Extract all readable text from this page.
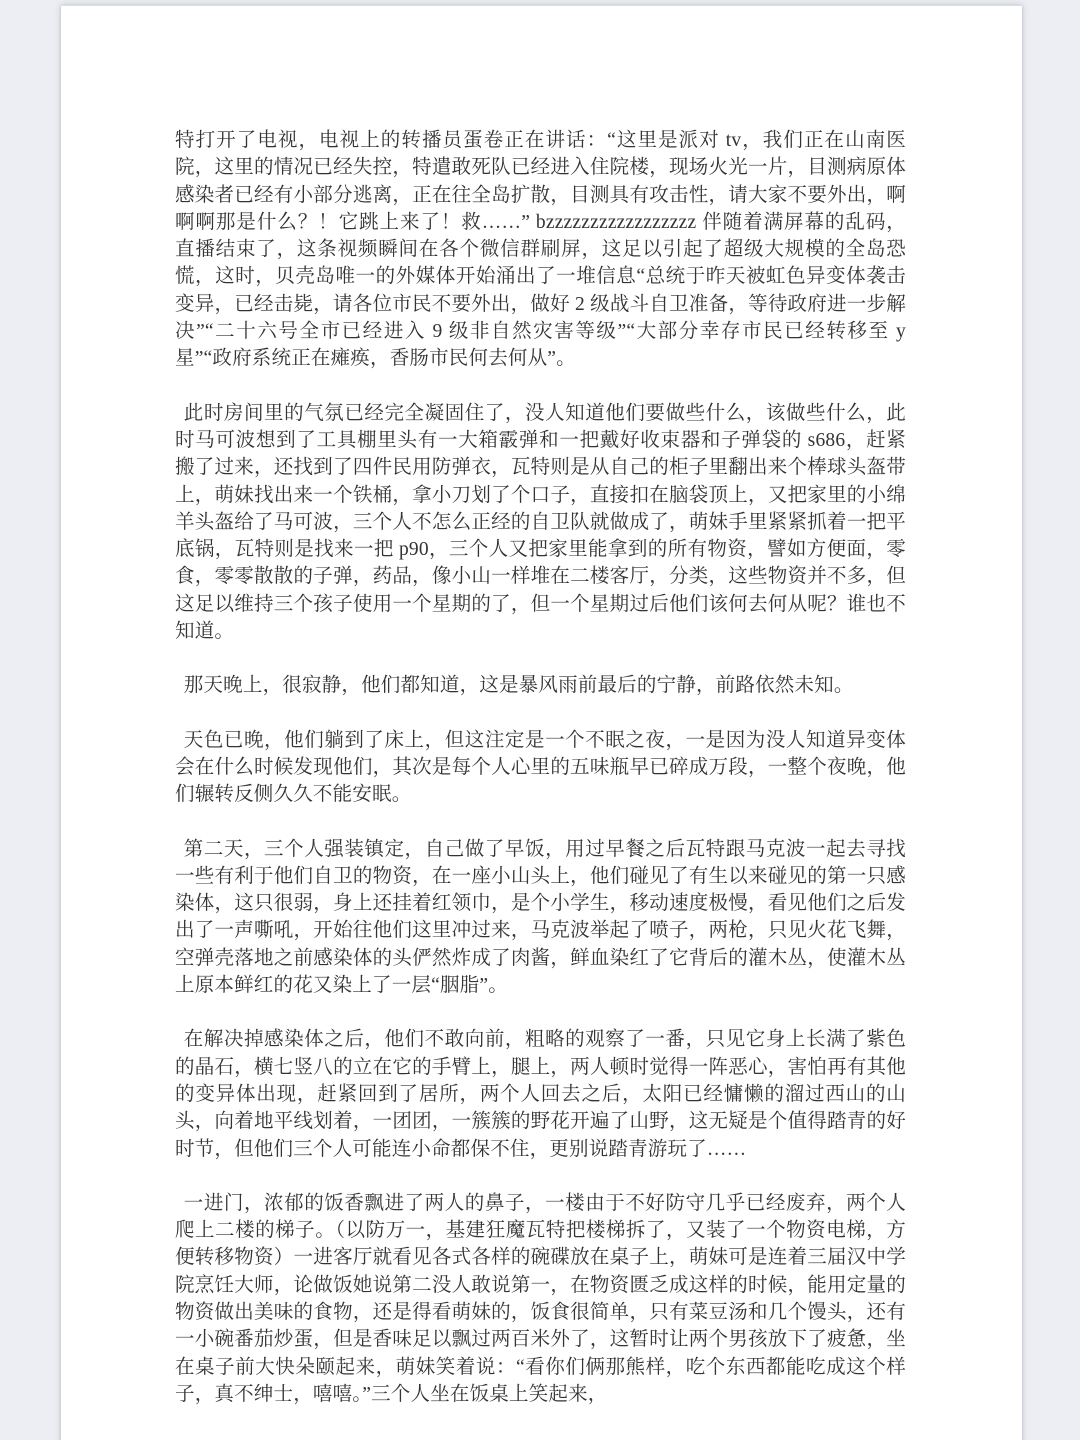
特打开了电视，电视上的转播员蛋卷正在讲话：“这里是派对 tv，我们正在山南医院，这里的情况已经失控，特遣敢死队已经进入住院楼，现场火光一片，目测病原体感染者已经有小部分逃离，正在往全岛扩散，目测具有攻击性，请大家不要外出，啊啊啊那是什么？！它跳上来了！救……” bzzzzzzzzzzzzzzzzz 伴随着满屏幕的乱码，直播结束了，这条视频瞬间在各个微信群刷屏，这足以引起了超级大规模的全岛恐慌，这时，贝壳岛唯一的外媒体开始涌出了一堆信息“总统于昨天被虹色异变体袭击变异，已经击毙，请各位市民不要外出，做好 2 级战斗自卫准备，等待政府进一步解决”“二十六号全市已经进入 9 级非自然灾害等级”“大部分幸存市民已经转移至 y 星”“政府系统正在瘫痪，香肠市民何去何从”。

此时房间里的气氛已经完全凝固住了，没人知道他们要做些什么，该做些什么，此时马可波想到了工具棚里头有一大箱霰弹和一把戴好收束器和子弹袋的 s686，赶紧搬了过来，还找到了四件民用防弹衣，瓦特则是从自己的柜子里翻出来个棒球头盔带上，萌妹找出来一个铁桶，拿小刀划了个口子，直接扣在脑袋顶上，又把家里的小绵羊头盔给了马可波，三个人不怎么正经的自卫队就做成了，萌妹手里紧紧抓着一把平底锅，瓦特则是找来一把 p90，三个人又把家里能拿到的所有物资，譬如方便面，零食，零零散散的子弹，药品，像小山一样堆在二楼客厅，分类，这些物资并不多，但这足以维持三个孩子使用一个星期的了，但一个星期过后他们该何去何从呢？谁也不知道。

那天晚上，很寂静，他们都知道，这是暴风雨前最后的宁静，前路依然未知。

天色已晚，他们躺到了床上，但这注定是一个不眠之夜，一是因为没人知道异变体会在什么时候发现他们，其次是每个人心里的五味瓶早已碎成万段，一整个夜晚，他们辗转反侧久久不能安眠。

第二天，三个人强装镇定，自己做了早饭，用过早餐之后瓦特跟马克波一起去寻找一些有利于他们自卫的物资，在一座小山头上，他们碰见了有生以来碰见的第一只感染体，这只很弱，身上还挂着红领巾，是个小学生，移动速度极慢，看见他们之后发出了一声嘶吼，开始往他们这里冲过来，马克波举起了喷子，两枪，只见火花飞舞，空弹壳落地之前感染体的头俨然炸成了肉酱，鲜血染红了它背后的灌木丛，使灌木丛上原本鲜红的花又染上了一层“胭脂”。

在解决掉感染体之后，他们不敢向前，粗略的观察了一番，只见它身上长满了紫色的晶石，横七竖八的立在它的手臂上，腿上，两人顿时觉得一阵恶心，害怕再有其他的变异体出现，赶紧回到了居所，两个人回去之后，太阳已经慵懒的溜过西山的山头，向着地平线划着，一团团，一簇簇的野花开遍了山野，这无疑是个值得踏青的好时节，但他们三个人可能连小命都保不住，更别说踏青游玩了……

一进门，浓郁的饭香飘进了两人的鼻子，一楼由于不好防守几乎已经废弃，两个人爬上二楼的梯子。（以防万一，基建狂魔瓦特把楼梯拆了，又装了一个物资电梯，方便转移物资）一进客厅就看见各式各样的碗碟放在桌子上，萌妹可是连着三届汉中学院烹饪大师，论做饭她说第二没人敢说第一，在物资匮乏成这样的时候，能用定量的物资做出美味的食物，还是得看萌妹的，饭食很简单，只有菜豆汤和几个馒头，还有一小碗番茄炒蛋，但是香味足以飘过两百米外了，这暂时让两个男孩放下了疲惫，坐在桌子前大快朵颐起来，萌妹笑着说：“看你们俩那熊样，吃个东西都能吃成这个样子，真不绅士，嘻嘻。”三个人坐在饭桌上笑起来，
